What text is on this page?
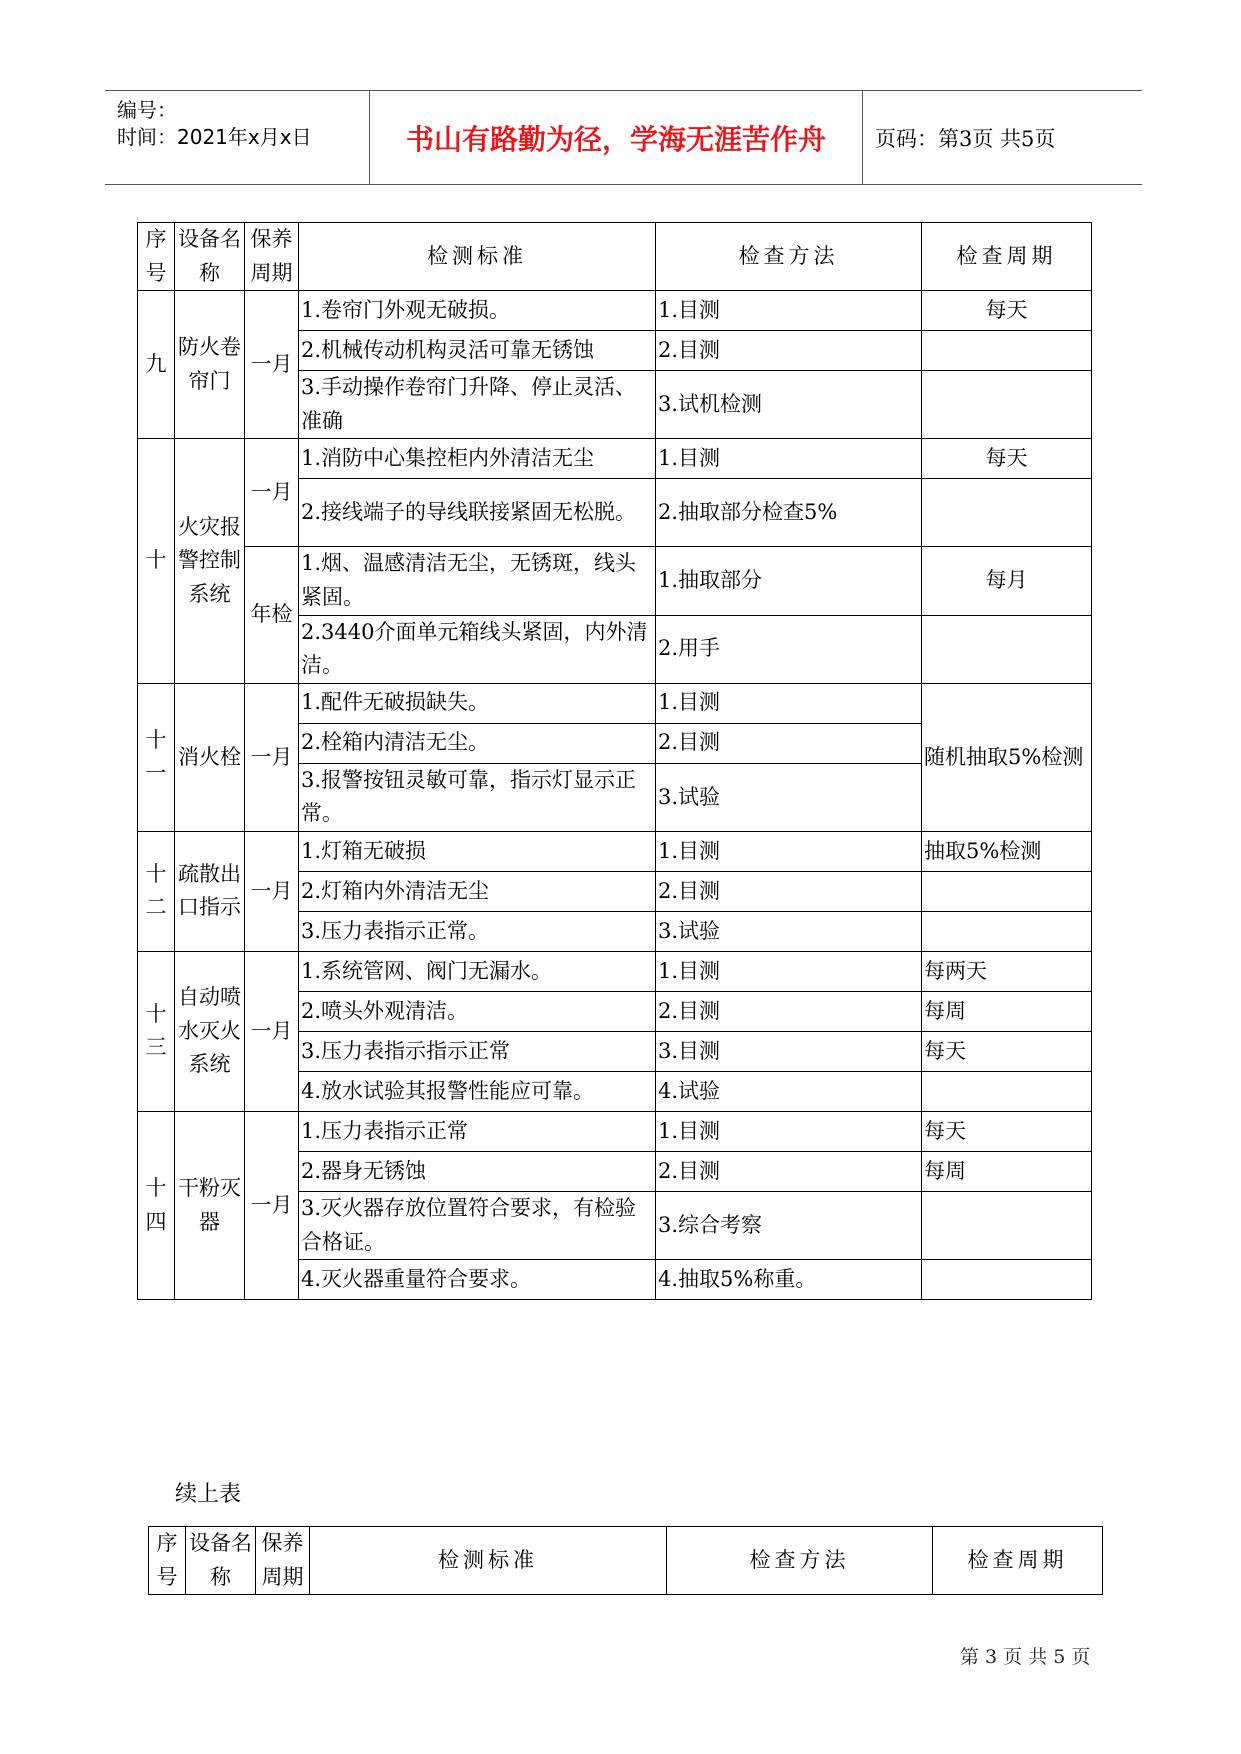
编号：
时间：2021年x月x日	书山有路勤为径，学海无涯苦作舟	页码：第3页 共5页
序号	设备名称	保养周期	检测标准	检查方法	检查周期
九	防火卷帘门	一月	1.卷帘门外观无破损。	1.目测	每天
			2.机械传动机构灵活可靠无锈蚀	2.目测	
			3.手动操作卷帘门升降、停止灵活、准确	3.试机检测	
十	火灾报警控制系统	一月	1.消防中心集控柜内外清洁无尘	1.目测	每天
			2.接线端子的导线联接紧固无松脱。	2.抽取部分检查5%	
		年检	1.烟、温感清洁无尘，无锈斑，线头紧固。	1.抽取部分	每月
			2.3440介面单元箱线头紧固，内外清洁。	2.用手	
十一	消火栓	一月	1.配件无破损缺失。	1.目测	随机抽取5%检测
			2.栓箱内清洁无尘。	2.目测	
			3.报警按钮灵敏可靠，指示灯显示正常。	3.试验	
十二	疏散出口指示	一月	1.灯箱无破损	1.目测	抽取5%检测
			2.灯箱内外清洁无尘	2.目测	
			3.压力表指示正常。	3.试验	
十三	自动喷水灭火系统	一月	1.系统管网、阀门无漏水。	1.目测	每两天
			2.喷头外观清洁。	2.目测	每周
			3.压力表指示指示正常	3.目测	每天
			4.放水试验其报警性能应可靠。	4.试验	
十四	干粉灭器	一月	1.压力表指示正常	1.目测	每天
			2.器身无锈蚀	2.目测	每周
			3.灭火器存放位置符合要求，有检验合格证。	3.综合考察	
			4.灭火器重量符合要求。	4.抽取5%称重。	
续上表
序号	设备名称	保养周期	检测标准	检查方法	检查周期
第 3 页 共 5 页
